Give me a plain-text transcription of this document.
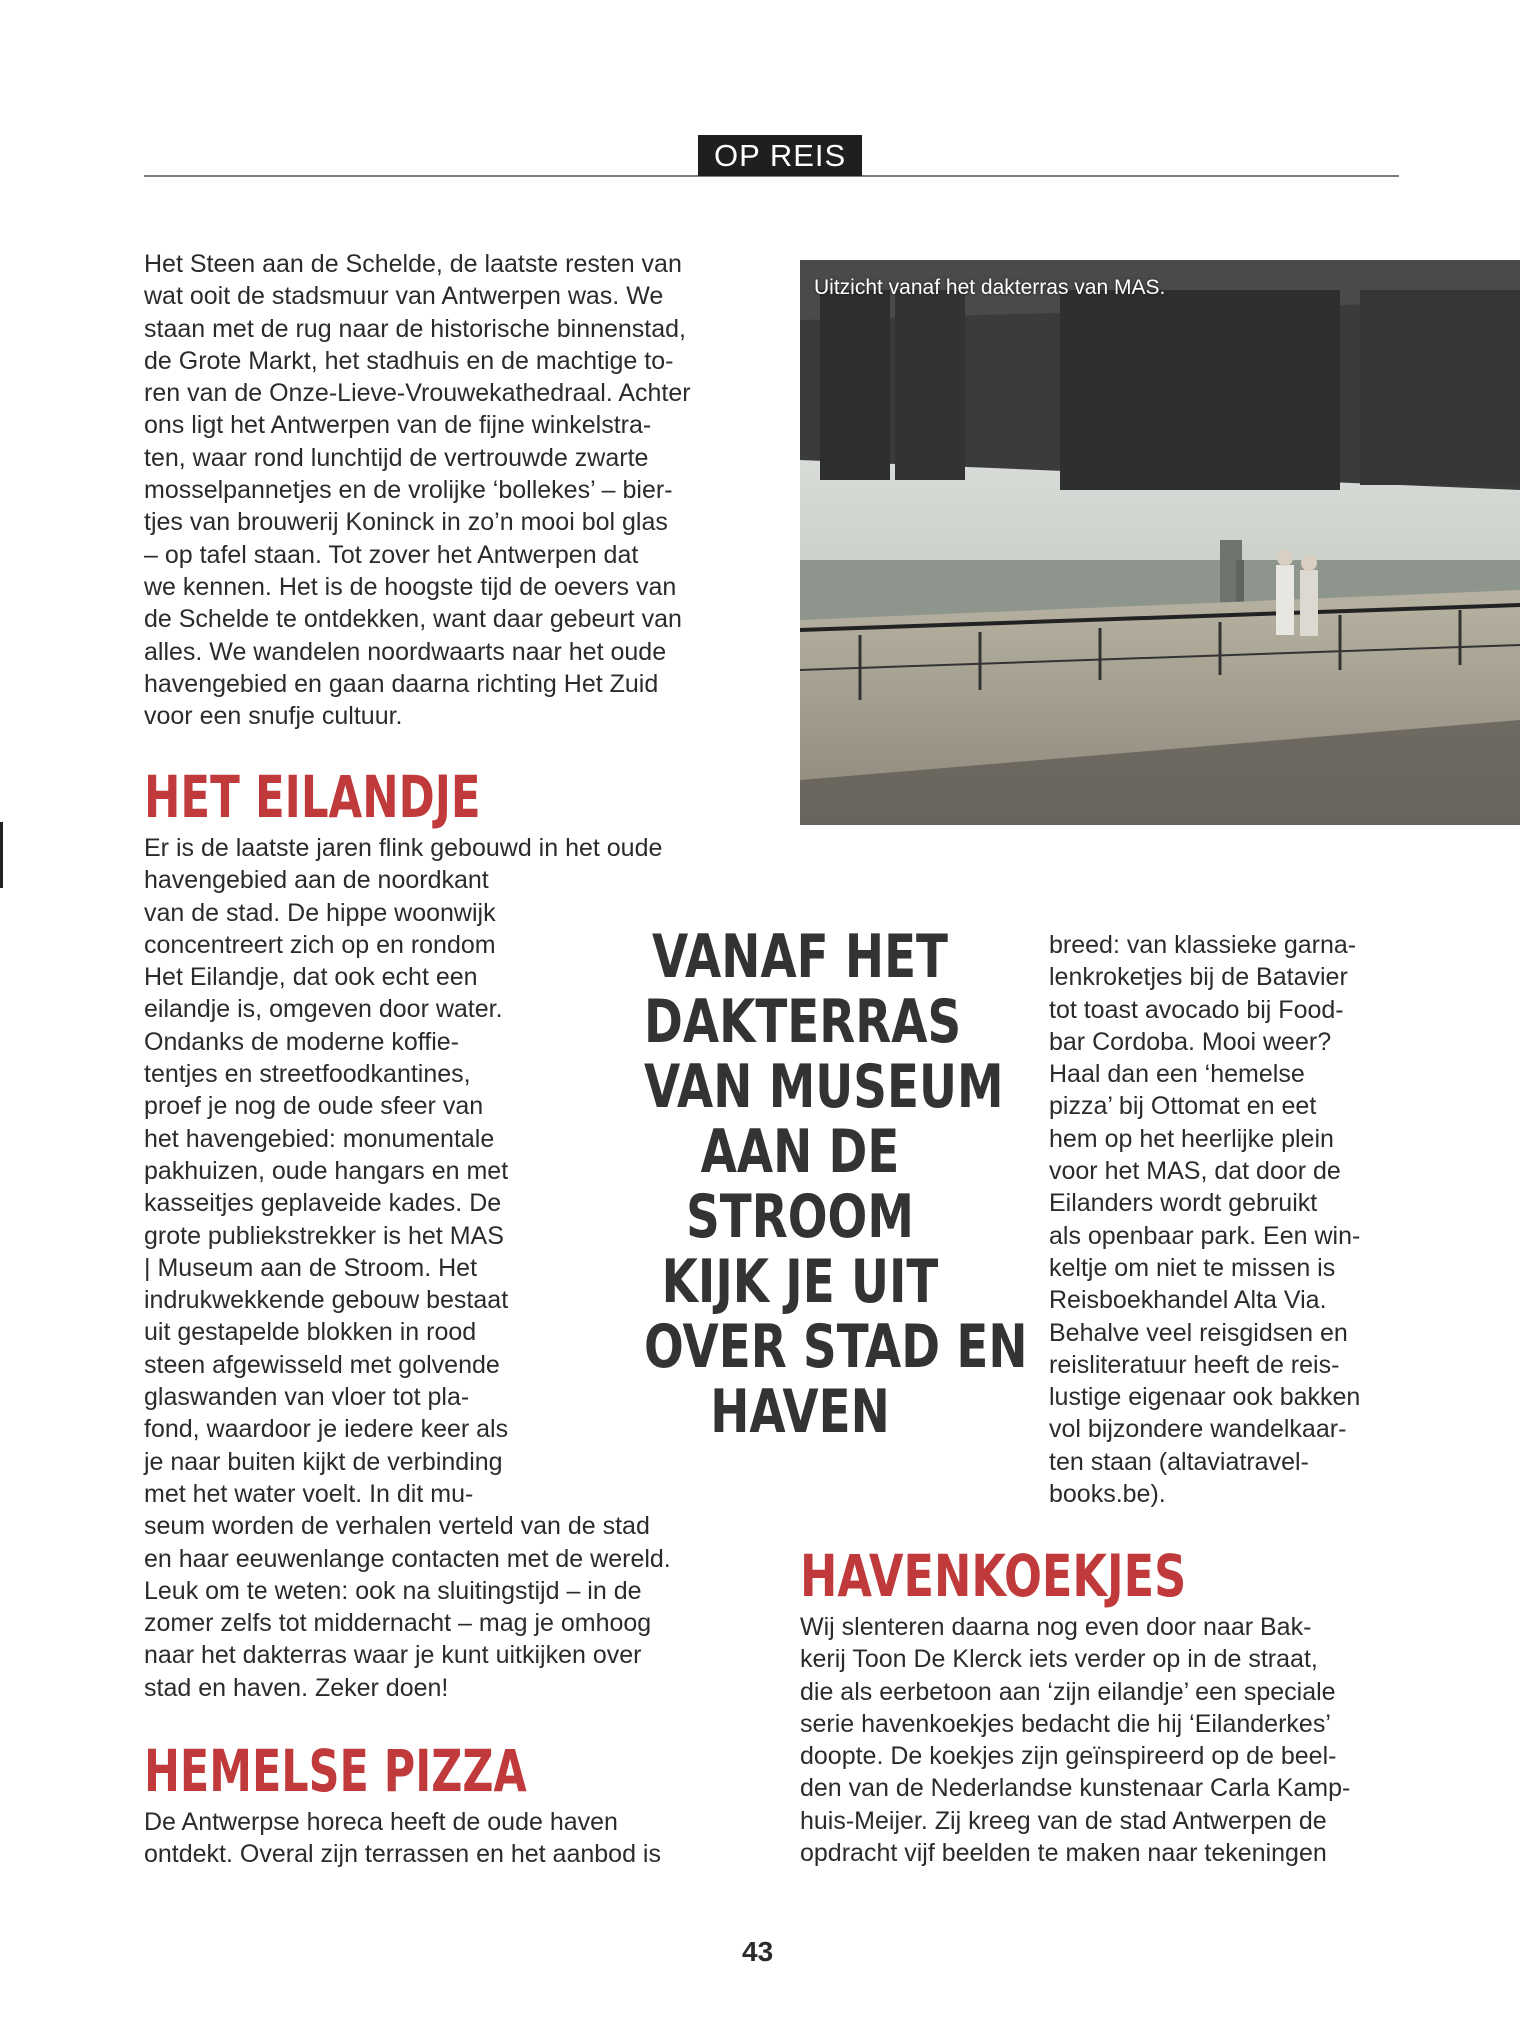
OP REIS
Het Steen aan de Schelde, de laatste resten van
wat ooit de stadsmuur van Antwerpen was. We
staan met de rug naar de historische binnenstad,
de Grote Markt, het stadhuis en de machtige to-
ren van de Onze-Lieve-Vrouwekathedraal. Achter
ons ligt het Antwerpen van de fijne winkelstra-
ten, waar rond lunchtijd de vertrouwde zwarte
mosselpannetjes en de vrolijke ‘bollekes’ – bier-
tjes van brouwerij Koninck in zo’n mooi bol glas
– op tafel staan. Tot zover het Antwerpen dat
we kennen. Het is de hoogste tijd de oevers van
de Schelde te ontdekken, want daar gebeurt van
alles. We wandelen noordwaarts naar het oude
havengebied en gaan daarna richting Het Zuid
voor een snufje cultuur.
Uitzicht vanaf het dakterras van MAS.
HET EILANDJE
Er is de laatste jaren flink gebouwd in het oude
havengebied aan de noordkant
van de stad. De hippe woonwijk
concentreert zich op en rondom
Het Eilandje, dat ook echt een
eilandje is, omgeven door water.
Ondanks de moderne koffie-
tentjes en streetfoodkantines,
proef je nog de oude sfeer van
het havengebied: monumentale
pakhuizen, oude hangars en met
kasseitjes geplaveide kades. De
grote publiekstrekker is het MAS
| Museum aan de Stroom. Het
indrukwekkende gebouw bestaat
uit gestapelde blokken in rood
steen afgewisseld met golvende
glaswanden van vloer tot pla-
fond, waardoor je iedere keer als
je naar buiten kijkt de verbinding
met het water voelt. In dit mu-
seum worden de verhalen verteld van de stad
en haar eeuwenlange contacten met de wereld.
Leuk om te weten: ook na sluitingstijd – in de
zomer zelfs tot middernacht – mag je omhoog
naar het dakterras waar je kunt uitkijken over
stad en haven. Zeker doen!
VANAF HET
DAKTERRAS
VAN MUSEUM
AAN DE
STROOM
KIJK JE UIT
OVER STAD EN
HAVEN
breed: van klassieke garna-
lenkroketjes bij de Batavier
tot toast avocado bij Food-
bar Cordoba. Mooi weer?
Haal dan een ‘hemelse
pizza’ bij Ottomat en eet
hem op het heerlijke plein
voor het MAS, dat door de
Eilanders wordt gebruikt
als openbaar park. Een win-
keltje om niet te missen is
Reisboekhandel Alta Via.
Behalve veel reisgidsen en
reisliteratuur heeft de reis-
lustige eigenaar ook bakken
vol bijzondere wandelkaar-
ten staan (altaviatravel-
books.be).
HEMELSE PIZZA
De Antwerpse horeca heeft de oude haven
ontdekt. Overal zijn terrassen en het aanbod is
HAVENKOEKJES
Wij slenteren daarna nog even door naar Bak-
kerij Toon De Klerck iets verder op in de straat,
die als eerbetoon aan ‘zijn eilandje’ een speciale
serie havenkoekjes bedacht die hij ‘Eilanderkes’
doopte. De koekjes zijn geïnspireerd op de beel-
den van de Nederlandse kunstenaar Carla Kamp-
huis-Meijer. Zij kreeg van de stad Antwerpen de
opdracht vijf beelden te maken naar tekeningen
43
